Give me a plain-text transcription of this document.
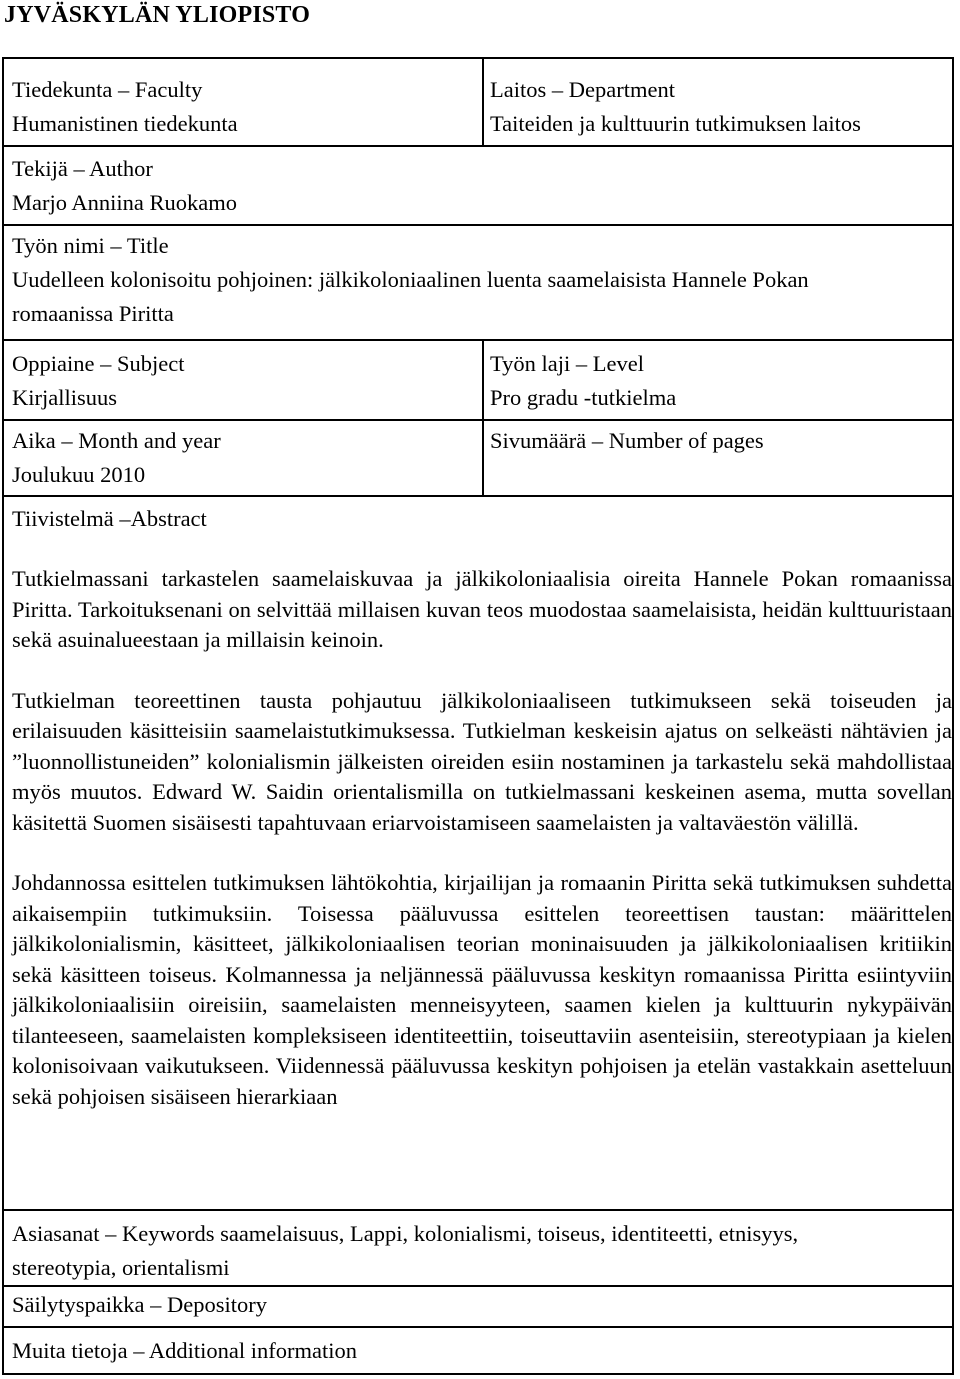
JYVÄSKYLÄN YLIOPISTO
Tiedekunta – Faculty
Humanistinen tiedekunta
Laitos – Department
Taiteiden ja kulttuurin tutkimuksen laitos
Tekijä – Author
Marjo Anniina Ruokamo
Työn nimi – Title
Uudelleen kolonisoitu pohjoinen: jälkikoloniaalinen luenta saamelaisista Hannele Pokan
romaanissa Piritta
Oppiaine – Subject
Kirjallisuus
Työn laji – Level
Pro gradu -tutkielma
Aika – Month and year
Joulukuu 2010
Sivumäärä – Number of pages
Tiivistelmä –Abstract

Tutkielmassani tarkastelen saamelaiskuvaa ja jälkikoloniaalisia oireita Hannele Pokan romaanissa Piritta. Tarkoituksenani on selvittää millaisen kuvan teos muodostaa saamelaisista, heidän kulttuuristaan sekä asuinalueestaan ja millaisin keinoin.

Tutkielman teoreettinen tausta pohjautuu jälkikoloniaaliseen tutkimukseen sekä toiseuden ja erilaisuuden käsitteisiin saamelaistutkimuksessa. Tutkielman keskeisin ajatus on selkeästi nähtävien ja ”luonnollistuneiden” kolonialismin jälkeisten oireiden esiin nostaminen ja tarkastelu sekä mahdollistaa myös muutos. Edward W. Saidin orientalismilla on tutkielmassani keskeinen asema, mutta sovellan käsitettä Suomen sisäisesti tapahtuvaan eriarvoistamiseen saamelaisten ja valtaväestön välillä.

Johdannossa esittelen tutkimuksen lähtökohtia, kirjailijan ja romaanin Piritta sekä tutkimuksen suhdetta aikaisempiin tutkimuksiin. Toisessa pääluvussa esittelen teoreettisen taustan: määrittelen jälkikolonialismin, käsitteet, jälkikoloniaalisen teorian moninaisuuden ja jälkikoloniaalisen kritiikin sekä käsitteen toiseus. Kolmannessa ja neljännessä pääluvussa keskityn romaanissa Piritta esiintyviin jälkikoloniaalisiin oireisiin, saamelaisten menneisyyteen, saamen kielen ja kulttuurin nykypäivän tilanteeseen, saamelaisten kompleksiseen identiteettiin, toiseuttaviin asenteisiin, stereotypiaan ja kielen kolonisoivaan vaikutukseen. Viidennessä pääluvussa keskityn pohjoisen ja etelän vastakkain asetteluun sekä pohjoisen sisäiseen hierarkiaan

Asiasanat – Keywords saamelaisuus, Lappi, kolonialismi, toiseus, identiteetti, etnisyys,
stereotypia, orientalismi
Säilytyspaikka – Depository
Muita tietoja – Additional information
